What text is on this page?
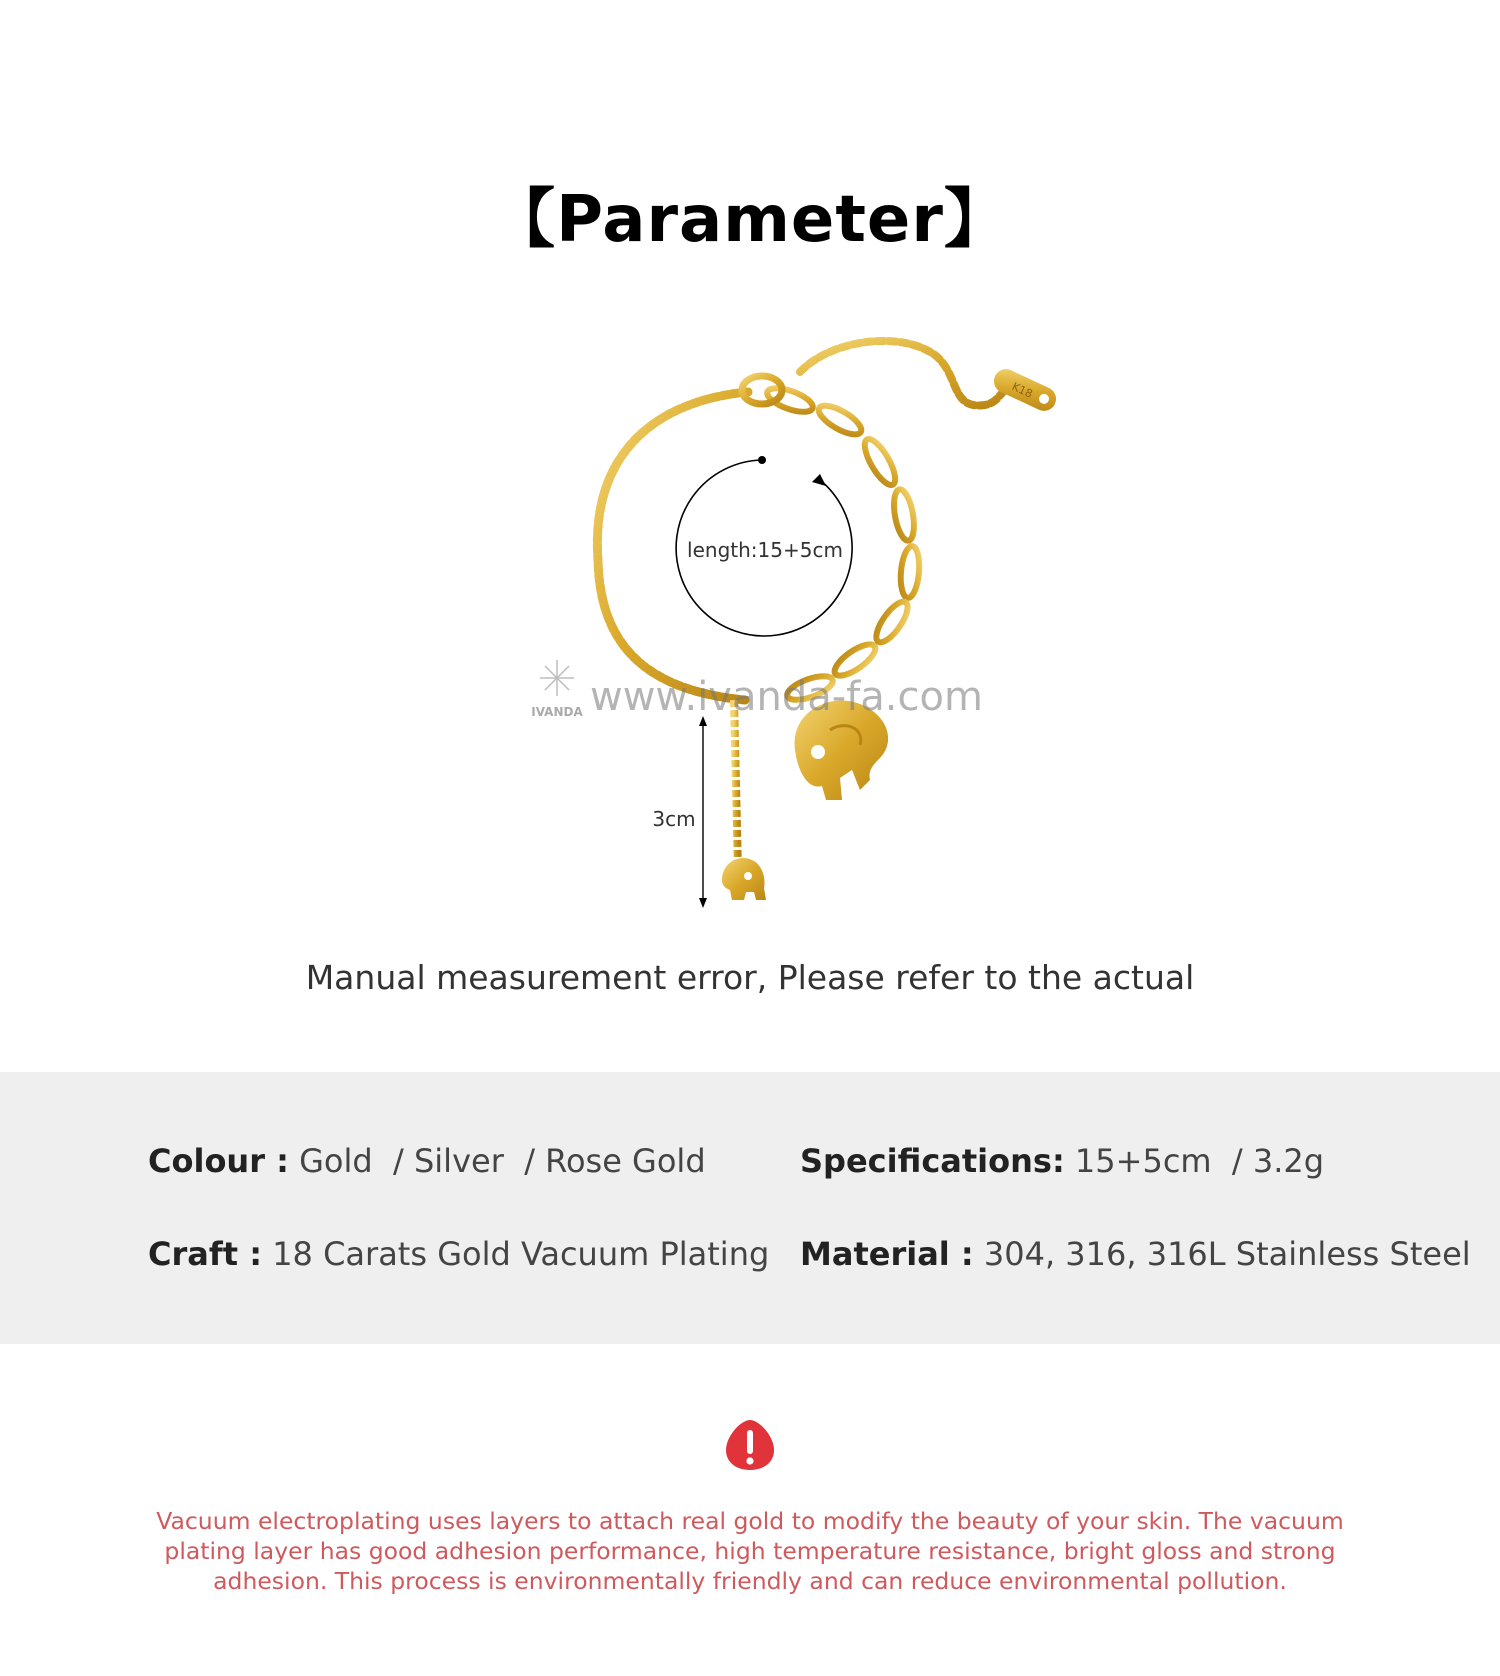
【Parameter】
K18
length:15+5cm
3cm
IVANDA www.ivanda-fa.com
Manual measurement error, Please refer to the actual
Colour : Gold  / Silver  / Rose Gold	Specifications: 15+5cm  / 3.2g
Craft : 18 Carats Gold Vacuum Plating Material : 304, 316, 316L Stainless Steel
Vacuum electroplating uses layers to attach real gold to modify the beauty of your skin. The vacuum plating layer has good adhesion performance, high temperature resistance, bright gloss and strong adhesion. This process is environmentally friendly and can reduce environmental pollution.
